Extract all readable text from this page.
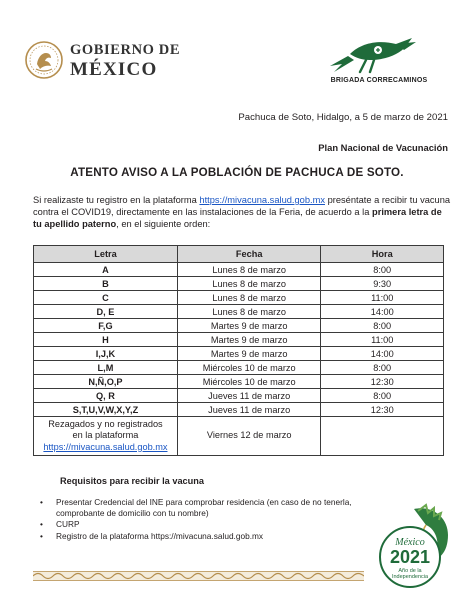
GOBIERNO DE
MÉXICO
BRIGADA CORRECAMINOS
Pachuca de Soto, Hidalgo, a 5 de marzo de 2021
Plan Nacional de Vacunación
ATENTO AVISO A LA POBLACIÓN DE PACHUCA DE SOTO.
Si realizaste tu registro en la plataforma https://mivacuna.salud.gob.mx preséntate a recibir tu vacuna contra el COVID19, directamente en las instalaciones de la Feria, de acuerdo a la primera letra de tu apellido paterno, en el siguiente orden:
Letra	Fecha	Hora
A	Lunes 8 de marzo	8:00
B	Lunes 8 de marzo	9:30
C	Lunes 8 de marzo	11:00
D, E	Lunes 8 de marzo	14:00
F,G	Martes 9 de marzo	8:00
H	Martes 9 de marzo	11:00
I,J,K	Martes 9 de marzo	14:00
L,M	Miércoles 10 de marzo	8:00
N,Ñ,O,P	Miércoles 10 de marzo	12:30
Q, R	Jueves 11 de marzo	8:00
S,T,U,V,W,X,Y,Z	Jueves 11 de marzo	12:30

Rezagados y no registrados
en la plataforma
https://mivacuna.salud.gob.mx	Viernes 12 de marzo	
Requisitos para recibir la vacuna
• Presentar Credencial del INE para comprobar residencia (en caso de no tenerla, comprobante de domicilio con tu nombre)
• CURP
• Registro de la plataforma https://mivacuna.salud.gob.mx
México
2021
Año de la
Independencia
